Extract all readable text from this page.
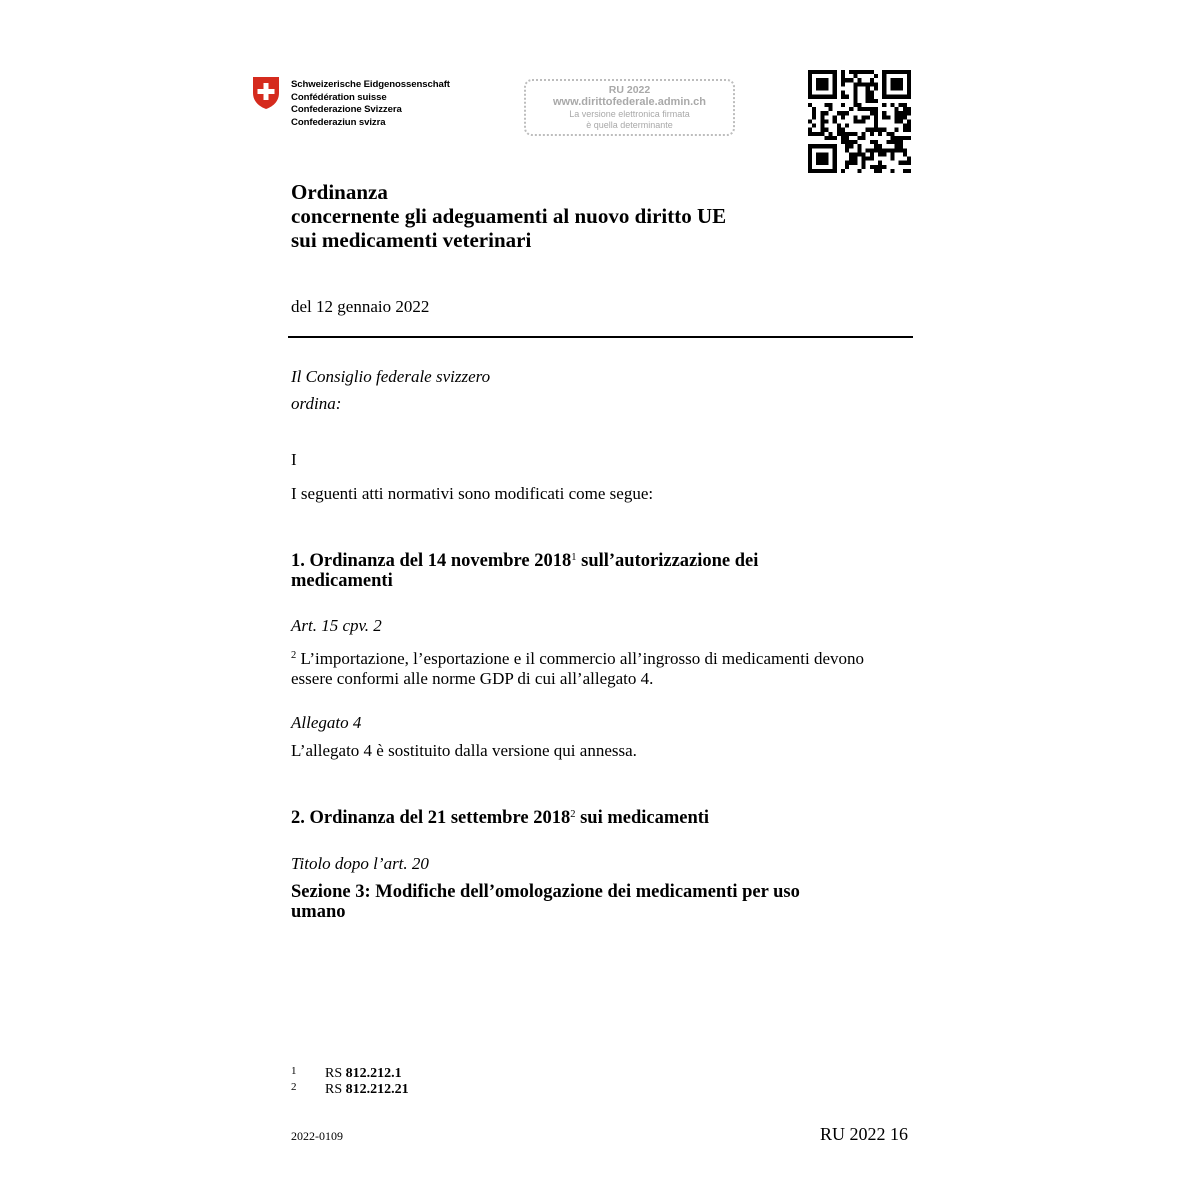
Schweizerische Eidgenossenschaft
Confédération suisse
Confederazione Svizzera
Confederaziun svizra
RU 2022
www.dirittofederale.admin.ch
La versione elettronica firmata
è quella determinante
Ordinanza
concernente gli adeguamenti al nuovo diritto UE
sui medicamenti veterinari
del 12 gennaio 2022
Il Consiglio federale svizzero
ordina:
I
I seguenti atti normativi sono modificati come segue:
1. Ordinanza del 14 novembre 2018$^1$ sull’autorizzazione dei
medicamenti
Art. 15 cpv. 2
$^2$ L’importazione, l’esportazione e il commercio all’ingrosso di medicamenti devono
essere conformi alle norme GDP di cui all’allegato 4.
Allegato 4
L’allegato 4 è sostituito dalla versione qui annessa.
2. Ordinanza del 21 settembre 2018$^2$ sui medicamenti
Titolo dopo l’art. 20
Sezione 3: Modifiche dell’omologazione dei medicamenti per uso
umano
1 RS 812.212.1
2 RS 812.212.21
2022-0109	RU 2022 16
